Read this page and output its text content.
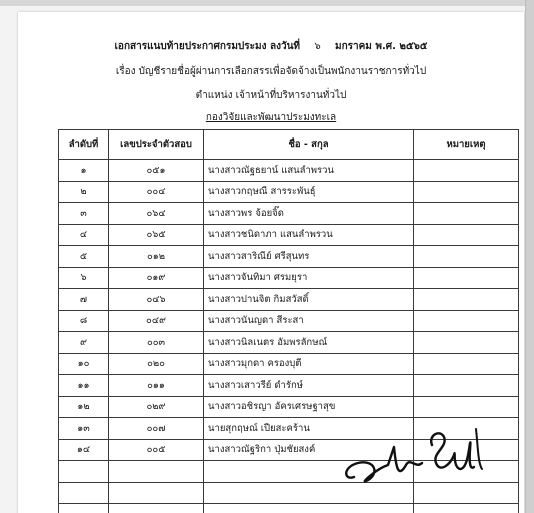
เอกสารแนบท้ายประกาศกรมประมง ลงวันที่ ๖ มกราคม พ.ศ. ๒๕๖๕
เรื่อง บัญชีรายชื่อผู้ผ่านการเลือกสรรเพื่อจัดจ้างเป็นพนักงานราชการทั่วไป
ตำแหน่ง เจ้าหน้าที่บริหารงานทั่วไป
กองวิจัยและพัฒนาประมงทะเล
ลำดับที่	เลขประจำตัวสอบ	ชื่อ - สกุล	หมายเหตุ
๑	๐๕๑	นางสาวณัฐธยาน์ แสนลำพรวน	
๒	๐๐๔	นางสาวกฤษณี สารระพันธุ์	
๓	๐๖๔	นางสาวพร จ้อยจิ๊ด	
๔	๐๖๕	นางสาวชนิดาภา แสนลำพรวน	
๕	๐๑๒	นางสาวสาริณีย์ ศรีสุนทร	
๖	๐๑๙	นางสาวจันทิมา ศรมยุรา	
๗	๐๔๖	นางสาวปานจิต กิมสวัสดิ์	
๘	๐๔๙	นางสาวนันญดา สีระสา	
๙	๐๐๓	นางสาวนิลเนตร อัมพรลักษณ์	
๑๐	๐๒๐	นางสาวมุกดา ครองบุตี	
๑๑	๐๑๑	นางสาวเสาวรีย์ ดำรักษ์	
๑๒	๐๒๙	นางสาวอชิรญา อัครเศรษฐาสุข	
๑๓	๐๐๗	นายสุกฤษณ์ เปียสะคร้าน	
๑๔	๐๐๕	นางสาวณัฐริกา ปุ่มชัยสงค์	
